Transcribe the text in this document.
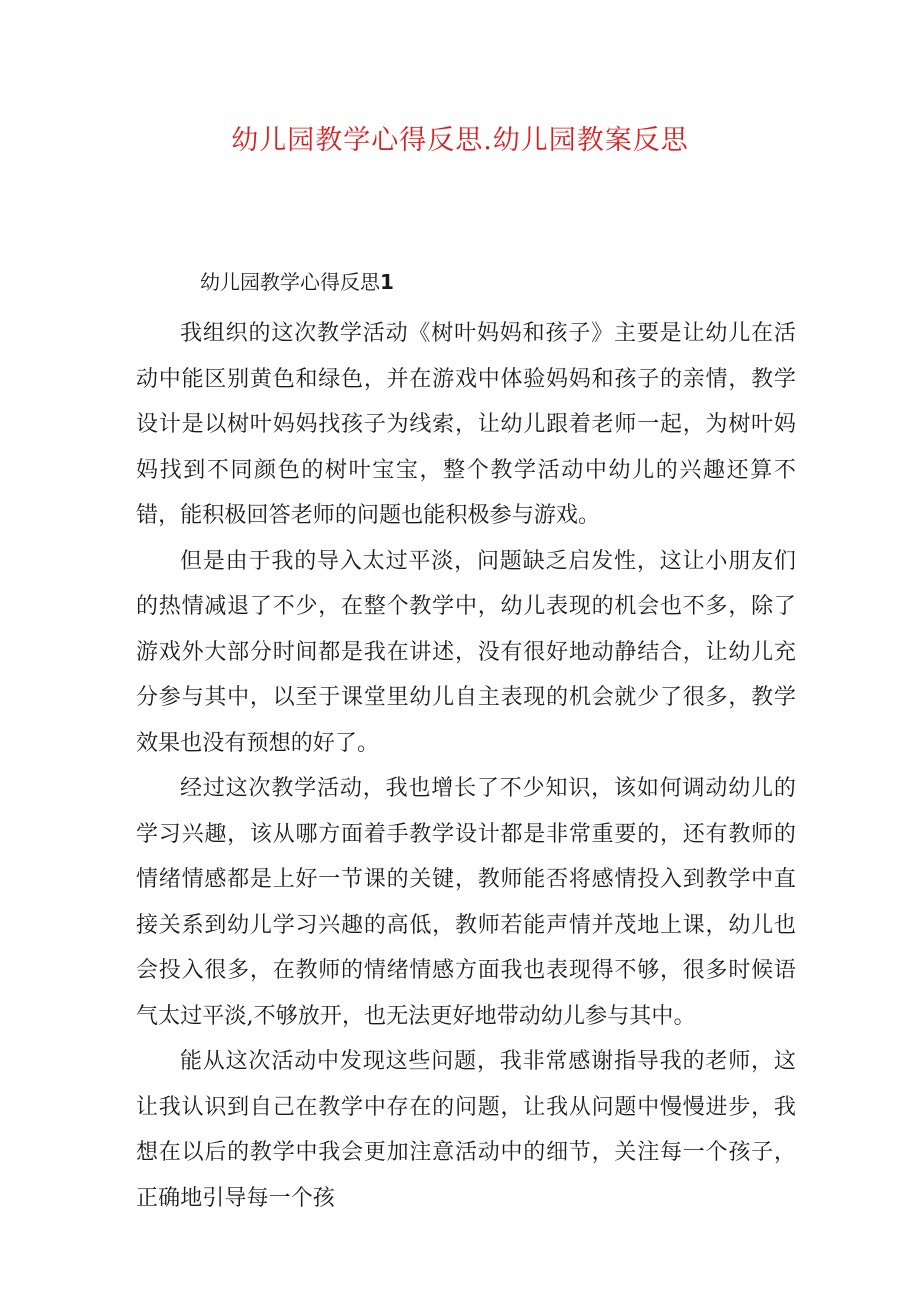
幼儿园教学心得反思.幼儿园教案反思
幼儿园教学心得反思1

我组织的这次教学活动《树叶妈妈和孩子》主要是让幼儿在活动中能区别黄色和绿色，并在游戏中体验妈妈和孩子的亲情，教学设计是以树叶妈妈找孩子为线索，让幼儿跟着老师一起，为树叶妈妈找到不同颜色的树叶宝宝，整个教学活动中幼儿的兴趣还算不错，能积极回答老师的问题也能积极参与游戏。

但是由于我的导入太过平淡，问题缺乏启发性，这让小朋友们的热情减退了不少，在整个教学中，幼儿表现的机会也不多，除了游戏外大部分时间都是我在讲述，没有很好地动静结合，让幼儿充分参与其中，以至于课堂里幼儿自主表现的机会就少了很多，教学效果也没有预想的好了。

经过这次教学活动，我也增长了不少知识，该如何调动幼儿的学习兴趣，该从哪方面着手教学设计都是非常重要的，还有教师的情绪情感都是上好一节课的关键，教师能否将感情投入到教学中直接关系到幼儿学习兴趣的高低，教师若能声情并茂地上课，幼儿也会投入很多，在教师的情绪情感方面我也表现得不够，很多时候语气太过平淡,不够放开，也无法更好地带动幼儿参与其中。

能从这次活动中发现这些问题，我非常感谢指导我的老师，这让我认识到自己在教学中存在的问题，让我从问题中慢慢进步，我想在以后的教学中我会更加注意活动中的细节，关注每一个孩子，正确地引导每一个孩
